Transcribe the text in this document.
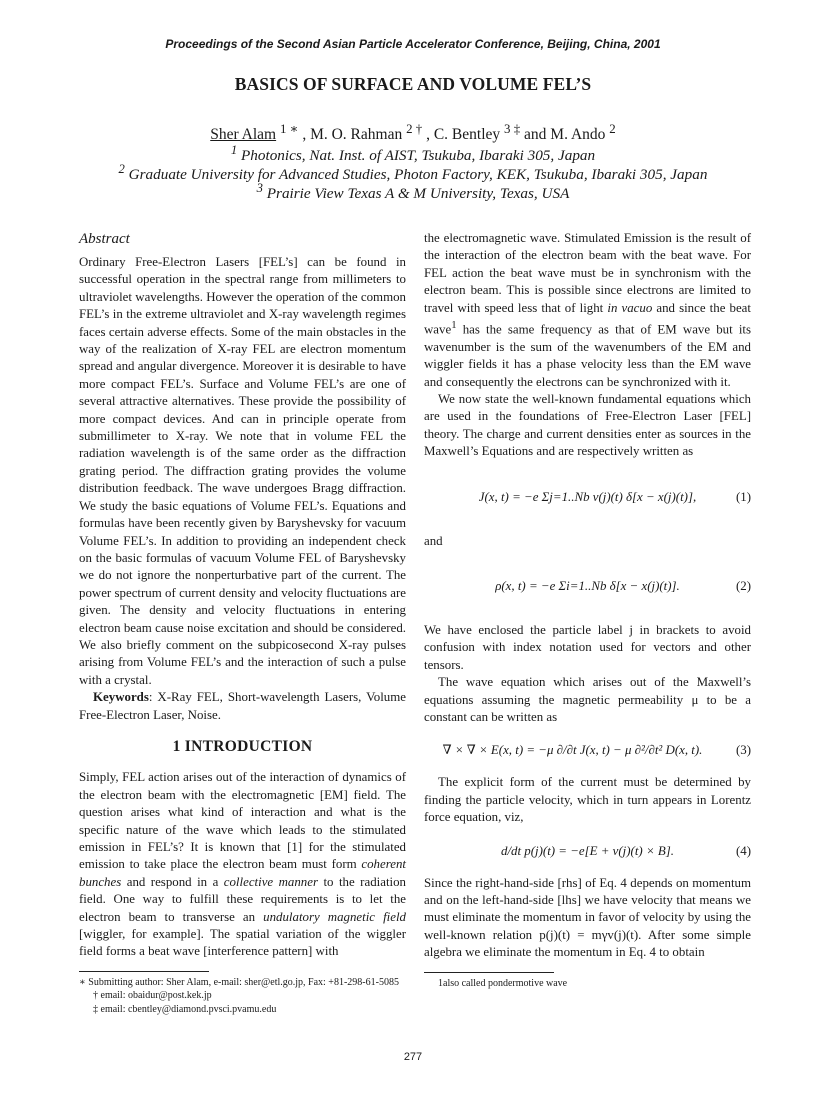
Proceedings of the Second Asian Particle Accelerator Conference, Beijing, China, 2001
BASICS OF SURFACE AND VOLUME FEL’S
Sher Alam $^{1 ∗}$ , M. O. Rahman $^{2 \dagger}$ , C. Bentley $^{3 \ddagger}$ and M. Ando $^2$
$^1$ Photonics, Nat. Inst. of AIST, Tsukuba, Ibaraki 305, Japan
$^2$ Graduate University for Advanced Studies, Photon Factory, KEK, Tsukuba, Ibaraki 305, Japan
$^3$ Prairie View Texas A & M University, Texas, USA
Abstract

Ordinary Free-Electron Lasers [FEL’s] can be found in successful operation in the spectral range from millimeters to ultraviolet wavelengths. However the operation of the common FEL’s in the extreme ultraviolet and X-ray wavelength regimes faces certain adverse effects. Some of the main obstacles in the way of the realization of X-ray FEL are electron momentum spread and angular divergence. Moreover it is desirable to have more compact FEL’s. Surface and Volume FEL’s are one of several attractive alternatives. These provide the possibility of more compact devices. And can in principle operate from submillimeter to X-ray. We note that in volume FEL the radiation wavelength is of the same order as the diffraction grating period. The diffraction grating provides the volume distribution feedback. The wave undergoes Bragg diffraction. We study the basic equations of Volume FEL’s. Equations and formulas have been recently given by Baryshevsky for vacuum Volume FEL’s. In addition to providing an independent check on the basic formulas of vacuum Volume FEL of Baryshevsky we do not ignore the nonperturbative part of the current. The power spectrum of current density and velocity fluctuations are given. The density and velocity fluctuations in entering electron beam cause noise excitation and should be considered. We also briefly comment on the subpicosecond X-ray pulses arising from Volume FEL’s and the interaction of such a pulse with a crystal.

Keywords: X-Ray FEL, Short-wavelength Lasers, Volume Free-Electron Laser, Noise.

1 INTRODUCTION

Simply, FEL action arises out of the interaction of dynamics of the electron beam with the electromagnetic [EM] field. The question arises what kind of interaction and what is the specific nature of the wave which leads to the stimulated emission in FEL’s? It is known that [1] for the stimulated emission to take place the electron beam must form coherent bunches and respond in a collective manner to the radiation field. One way to fulfill these requirements is to let the electron beam to transverse an undulatory magnetic field [wiggler, for example]. The spatial variation of the wiggler field forms a beat wave [interference pattern] with

∗ Submitting author: Sher Alam, e-mail: sher@etl.go.jp, Fax: +81-298-61-5085
† email: obaidur@post.kek.jp
‡ email: cbentley@diamond.pvsci.pvamu.edu

the electromagnetic wave. Stimulated Emission is the result of the interaction of the electron beam with the beat wave. For FEL action the beat wave must be in synchronism with the electron beam. This is possible since electrons are limited to travel with speed less that of light in vacuo and since the beat wave$^1$ has the same frequency as that of EM wave but its wavenumber is the sum of the wavenumbers of the EM and wiggler fields it has a phase velocity less than the EM wave and consequently the electrons can be synchronized with it.

We now state the well-known fundamental equations which are used in the foundations of Free-Electron Laser [FEL] theory. The charge and current densities enter as sources in the Maxwell’s Equations and are respectively written as

J(x, t) = −e Σj=1..Nb v(j)(t) δ[x − x(j)(t)],	(1)

and

ρ(x, t) = −e Σi=1..Nb δ[x − x(j)(t)].	(2)

We have enclosed the particle label j in brackets to avoid confusion with index notation used for vectors and other tensors.

The wave equation which arises out of the Maxwell’s equations assuming the magnetic permeability μ to be a constant can be written as

∇ × ∇ × E(x, t) = −μ ∂/∂t J(x, t) − μ ∂²/∂t² D(x, t).	(3)

The explicit form of the current must be determined by finding the particle velocity, which in turn appears in Lorentz force equation, viz,

d/dt p(j)(t) = −e[E + v(j)(t) × B].	(4)

Since the right-hand-side [rhs] of Eq. 4 depends on momentum and on the left-hand-side [lhs] we have velocity that means we must eliminate the momentum in favor of velocity by using the well-known relation p(j)(t) = mγv(j)(t). After some simple algebra we eliminate the momentum in Eq. 4 to obtain

1also called pondermotive wave
277
